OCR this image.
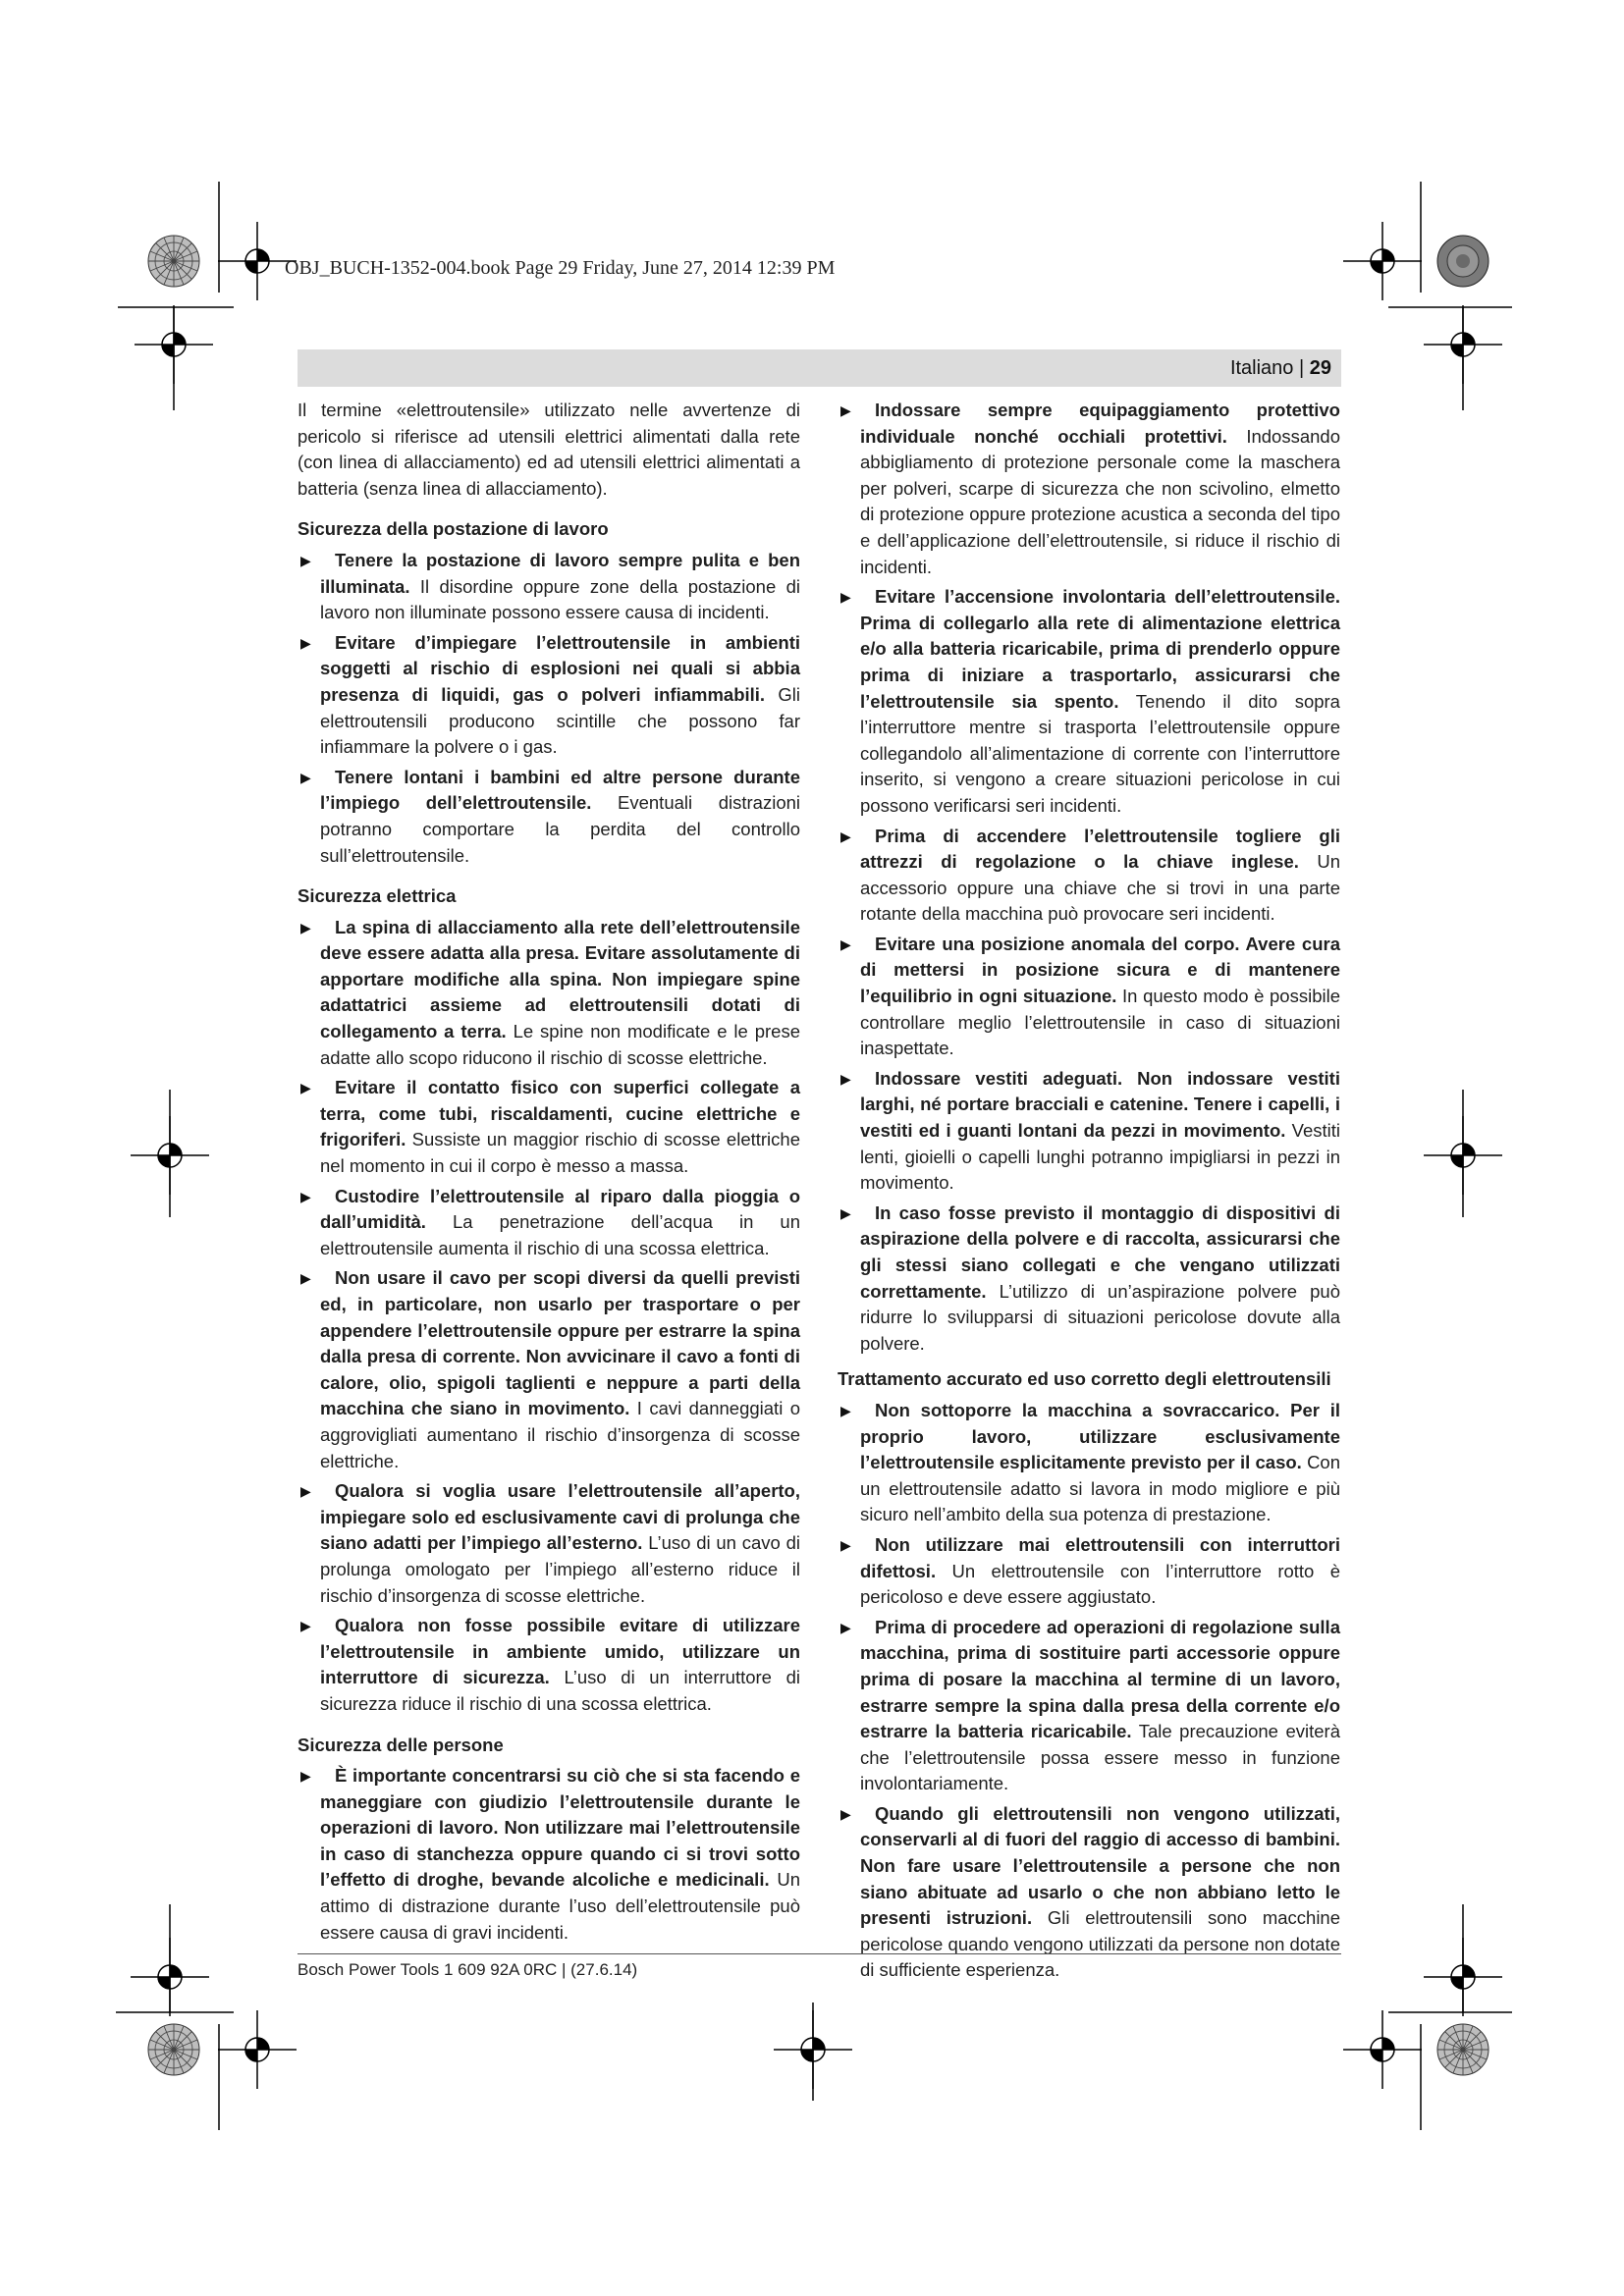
OBJ_BUCH-1352-004.book Page 29 Friday, June 27, 2014 12:39 PM
Italiano | 29

Il termine «elettroutensile» utilizzato nelle avvertenze di pericolo si riferisce ad utensili elettrici alimentati dalla rete (con linea di allacciamento) ed ad utensili elettrici alimentati a batteria (senza linea di allacciamento).

Sicurezza della postazione di lavoro
▶ Tenere la postazione di lavoro sempre pulita e ben illuminata. Il disordine oppure zone della postazione di lavoro non illuminate possono essere causa di incidenti.
▶ Evitare d’impiegare l’elettroutensile in ambienti soggetti al rischio di esplosioni nei quali si abbia presenza di liquidi, gas o polveri infiammabili. Gli elettroutensili producono scintille che possono far infiammare la polvere o i gas.
▶ Tenere lontani i bambini ed altre persone durante l’impiego dell’elettroutensile. Eventuali distrazioni potranno comportare la perdita del controllo sull’elettroutensile.
Sicurezza elettrica
▶ La spina di allacciamento alla rete dell’elettroutensile deve essere adatta alla presa. Evitare assolutamente di apportare modifiche alla spina. Non impiegare spine adattatrici assieme ad elettroutensili dotati di collegamento a terra. Le spine non modificate e le prese adatte allo scopo riducono il rischio di scosse elettriche.
▶ Evitare il contatto fisico con superfici collegate a terra, come tubi, riscaldamenti, cucine elettriche e frigoriferi. Sussiste un maggior rischio di scosse elettriche nel momento in cui il corpo è messo a massa.
▶ Custodire l’elettroutensile al riparo dalla pioggia o dall’umidità. La penetrazione dell’acqua in un elettroutensile aumenta il rischio di una scossa elettrica.
▶ Non usare il cavo per scopi diversi da quelli previsti ed, in particolare, non usarlo per trasportare o per appendere l’elettroutensile oppure per estrarre la spina dalla presa di corrente. Non avvicinare il cavo a fonti di calore, olio, spigoli taglienti e neppure a parti della macchina che siano in movimento. I cavi danneggiati o aggrovigliati aumentano il rischio d’insorgenza di scosse elettriche.
▶ Qualora si voglia usare l’elettroutensile all’aperto, impiegare solo ed esclusivamente cavi di prolunga che siano adatti per l’impiego all’esterno. L’uso di un cavo di prolunga omologato per l’impiego all’esterno riduce il rischio d’insorgenza di scosse elettriche.
▶ Qualora non fosse possibile evitare di utilizzare l’elettroutensile in ambiente umido, utilizzare un interruttore di sicurezza. L’uso di un interruttore di sicurezza riduce il rischio di una scossa elettrica.
Sicurezza delle persone
▶ È importante concentrarsi su ciò che si sta facendo e maneggiare con giudizio l’elettroutensile durante le operazioni di lavoro. Non utilizzare mai l’elettroutensile in caso di stanchezza oppure quando ci si trovi sotto l’effetto di droghe, bevande alcoliche e medicinali. Un attimo di distrazione durante l’uso dell’elettroutensile può essere causa di gravi incidenti.
▶ Indossare sempre equipaggiamento protettivo individuale nonché occhiali protettivi. Indossando abbigliamento di protezione personale come la maschera per polveri, scarpe di sicurezza che non scivolino, elmetto di protezione oppure protezione acustica a seconda del tipo e dell’applicazione dell’elettroutensile, si riduce il rischio di incidenti.
▶ Evitare l’accensione involontaria dell’elettroutensile. Prima di collegarlo alla rete di alimentazione elettrica e/o alla batteria ricaricabile, prima di prenderlo oppure prima di iniziare a trasportarlo, assicurarsi che l’elettroutensile sia spento. Tenendo il dito sopra l’interruttore mentre si trasporta l’elettroutensile oppure collegandolo all’alimentazione di corrente con l’interruttore inserito, si vengono a creare situazioni pericolose in cui possono verificarsi seri incidenti.
▶ Prima di accendere l’elettroutensile togliere gli attrezzi di regolazione o la chiave inglese. Un accessorio oppure una chiave che si trovi in una parte rotante della macchina può provocare seri incidenti.
▶ Evitare una posizione anomala del corpo. Avere cura di mettersi in posizione sicura e di mantenere l’equilibrio in ogni situazione. In questo modo è possibile controllare meglio l’elettroutensile in caso di situazioni inaspettate.
▶ Indossare vestiti adeguati. Non indossare vestiti larghi, né portare bracciali e catenine. Tenere i capelli, i vestiti ed i guanti lontani da pezzi in movimento. Vestiti lenti, gioielli o capelli lunghi potranno impigliarsi in pezzi in movimento.
▶ In caso fosse previsto il montaggio di dispositivi di aspirazione della polvere e di raccolta, assicurarsi che gli stessi siano collegati e che vengano utilizzati correttamente. L’utilizzo di un’aspirazione polvere può ridurre lo svilupparsi di situazioni pericolose dovute alla polvere.
Trattamento accurato ed uso corretto degli elettroutensili
▶ Non sottoporre la macchina a sovraccarico. Per il proprio lavoro, utilizzare esclusivamente l’elettroutensile esplicitamente previsto per il caso. Con un elettroutensile adatto si lavora in modo migliore e più sicuro nell’ambito della sua potenza di prestazione.
▶ Non utilizzare mai elettroutensili con interruttori difettosi. Un elettroutensile con l’interruttore rotto è pericoloso e deve essere aggiustato.
▶ Prima di procedere ad operazioni di regolazione sulla macchina, prima di sostituire parti accessorie oppure prima di posare la macchina al termine di un lavoro, estrarre sempre la spina dalla presa della corrente e/o estrarre la batteria ricaricabile. Tale precauzione eviterà che l’elettroutensile possa essere messo in funzione involontariamente.
▶ Quando gli elettroutensili non vengono utilizzati, conservarli al di fuori del raggio di accesso di bambini. Non fare usare l’elettroutensile a persone che non siano abituate ad usarlo o che non abbiano letto le presenti istruzioni. Gli elettroutensili sono macchine pericolose quando vengono utilizzati da persone non dotate di sufficiente esperienza.
Bosch Power Tools 1 609 92A 0RC | (27.6.14)
